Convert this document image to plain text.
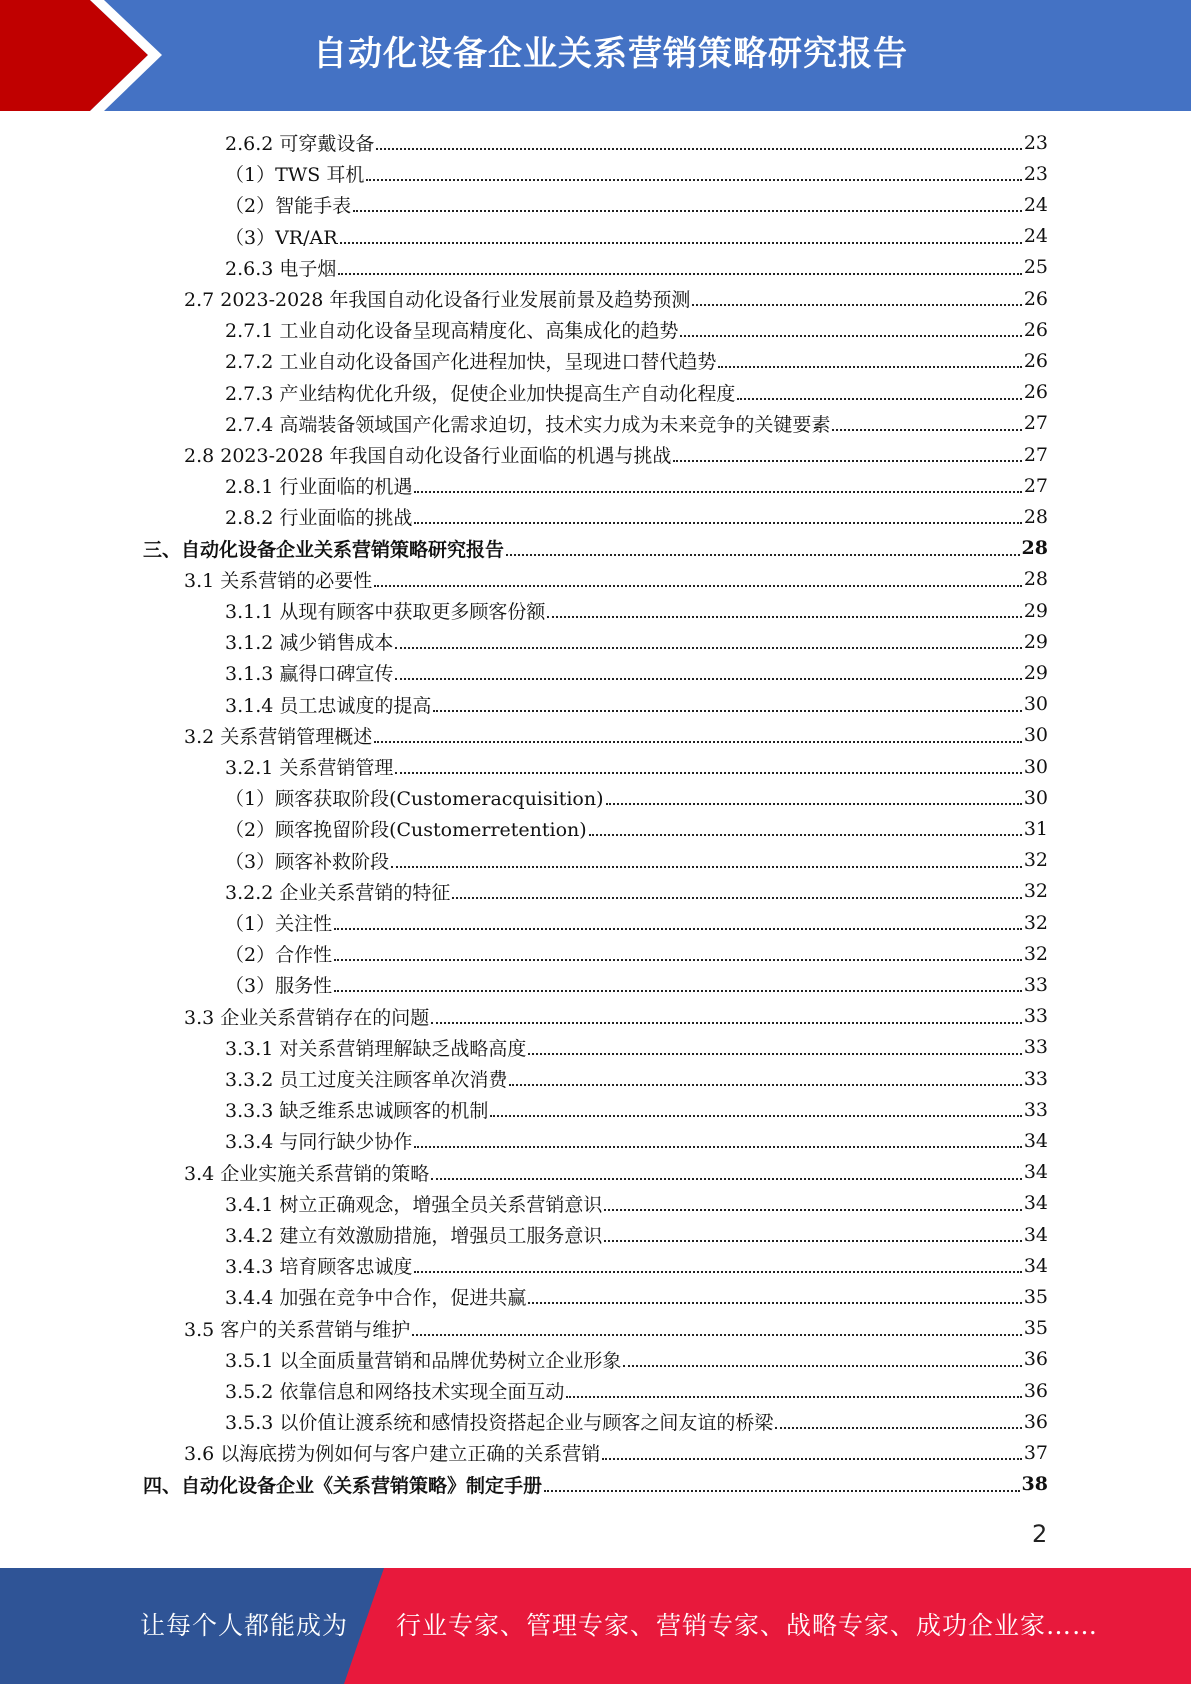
自动化设备企业关系营销策略研究报告
2.6.2 可穿戴设备	23
（1）TWS 耳机	23
（2）智能手表	24
（3）VR/AR	24
2.6.3 电子烟	25
2.7 2023-2028 年我国自动化设备行业发展前景及趋势预测	26
2.7.1 工业自动化设备呈现高精度化、高集成化的趋势	26
2.7.2 工业自动化设备国产化进程加快，呈现进口替代趋势	26
2.7.3 产业结构优化升级，促使企业加快提高生产自动化程度	26
2.7.4 高端装备领域国产化需求迫切，技术实力成为未来竞争的关键要素	27
2.8 2023-2028 年我国自动化设备行业面临的机遇与挑战	27
2.8.1 行业面临的机遇	27
2.8.2 行业面临的挑战	28
三、自动化设备企业关系营销策略研究报告	28
3.1 关系营销的必要性	28
3.1.1 从现有顾客中获取更多顾客份额	29
3.1.2 减少销售成本	29
3.1.3 赢得口碑宣传	29
3.1.4 员工忠诚度的提高	30
3.2 关系营销管理概述	30
3.2.1 关系营销管理	30
（1）顾客获取阶段(Customeracquisition)	30
（2）顾客挽留阶段(Customerretention)	31
（3）顾客补救阶段	32
3.2.2 企业关系营销的特征	32
（1）关注性	32
（2）合作性	32
（3）服务性	33
3.3 企业关系营销存在的问题	33
3.3.1 对关系营销理解缺乏战略高度	33
3.3.2 员工过度关注顾客单次消费	33
3.3.3 缺乏维系忠诚顾客的机制	33
3.3.4 与同行缺少协作	34
3.4 企业实施关系营销的策略	34
3.4.1 树立正确观念，增强全员关系营销意识	34
3.4.2 建立有效激励措施，增强员工服务意识	34
3.4.3 培育顾客忠诚度	34
3.4.4 加强在竞争中合作，促进共赢	35
3.5 客户的关系营销与维护	35
3.5.1 以全面质量营销和品牌优势树立企业形象	36
3.5.2 依靠信息和网络技术实现全面互动	36
3.5.3 以价值让渡系统和感情投资搭起企业与顾客之间友谊的桥梁	36
3.6 以海底捞为例如何与客户建立正确的关系营销	37
四、自动化设备企业《关系营销策略》制定手册	38
2
让每个人都能成为 行业专家、管理专家、营销专家、战略专家、成功企业家……
